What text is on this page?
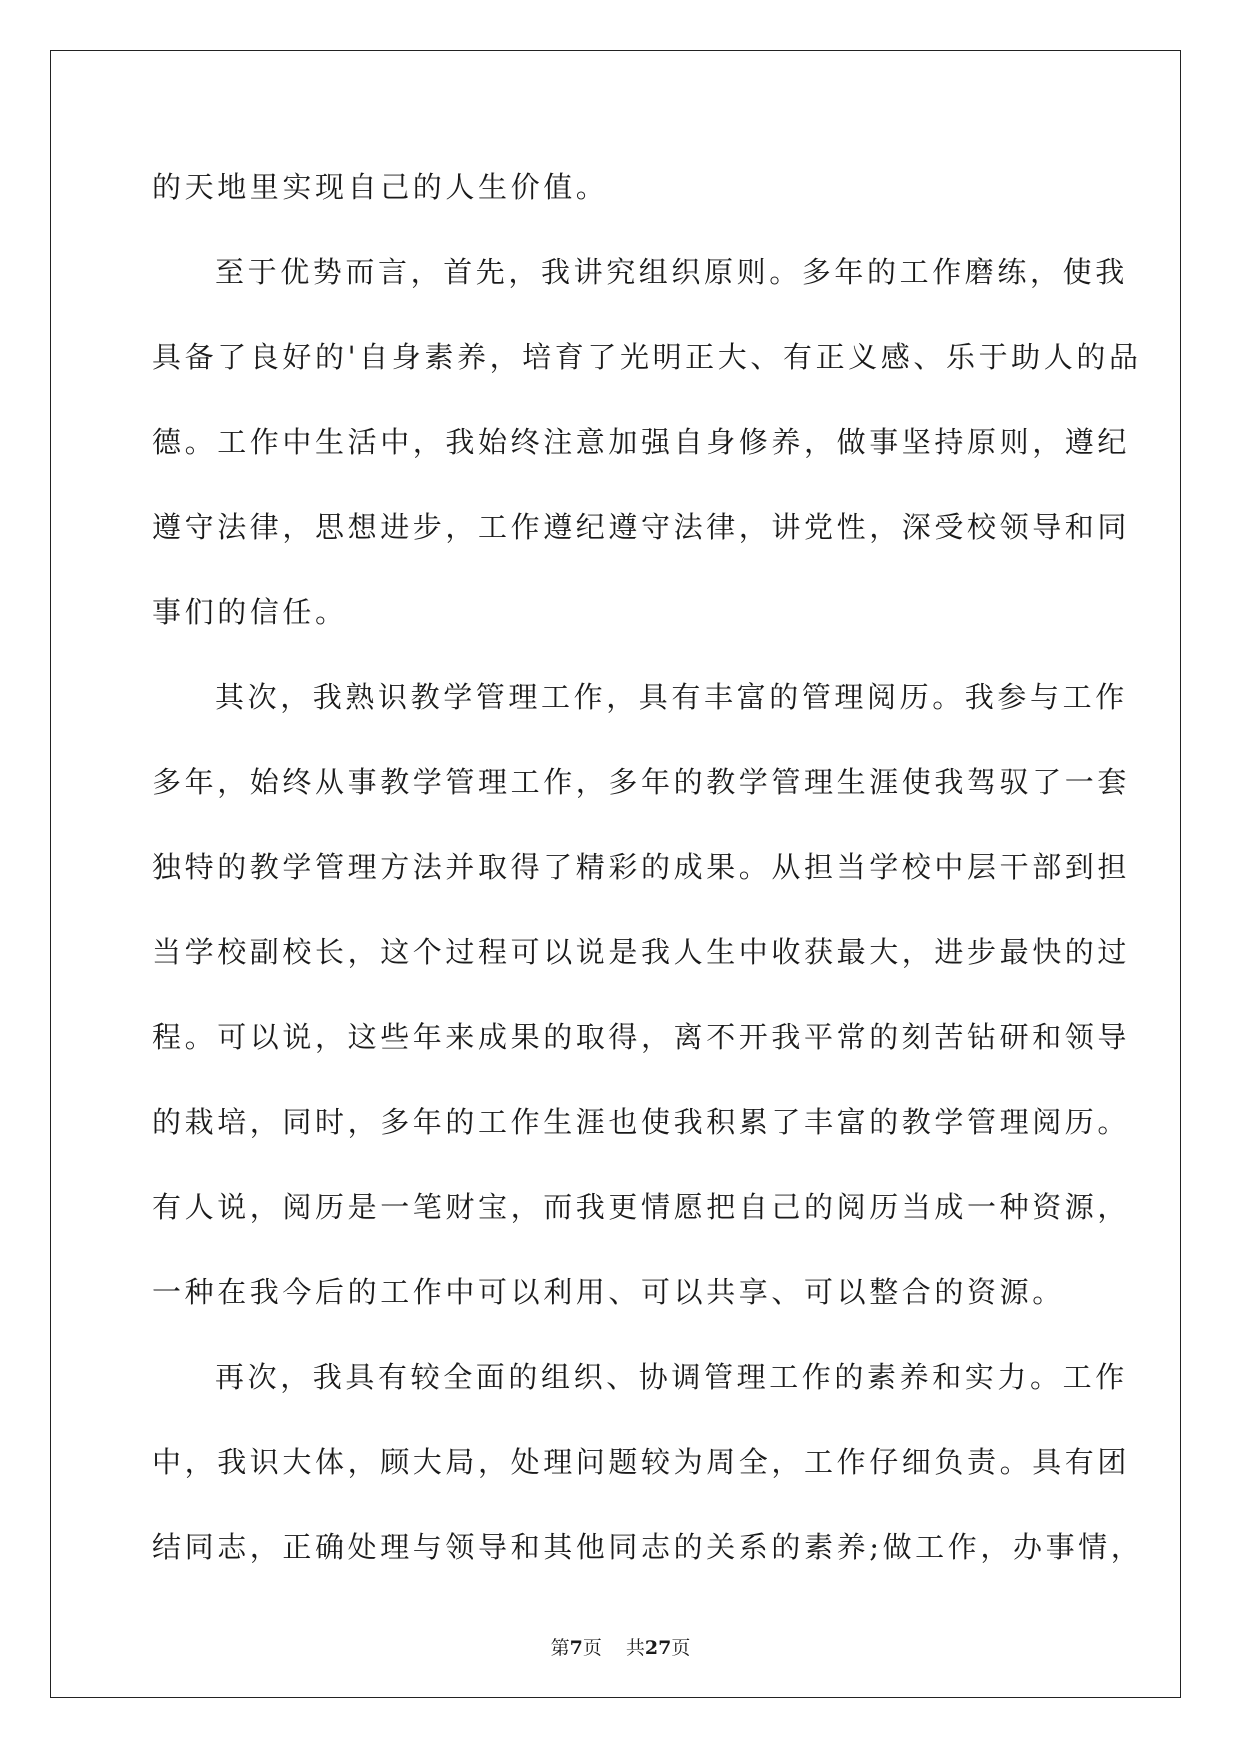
的天地里实现自己的人生价值。
至于优势而言，首先，我讲究组织原则。多年的工作磨练，使我
具备了良好的'自身素养，培育了光明正大、有正义感、乐于助人的品
德。工作中生活中，我始终注意加强自身修养，做事坚持原则，遵纪
遵守法律，思想进步，工作遵纪遵守法律，讲党性，深受校领导和同
事们的信任。
其次，我熟识教学管理工作，具有丰富的管理阅历。我参与工作
多年，始终从事教学管理工作，多年的教学管理生涯使我驾驭了一套
独特的教学管理方法并取得了精彩的成果。从担当学校中层干部到担
当学校副校长，这个过程可以说是我人生中收获最大，进步最快的过
程。可以说，这些年来成果的取得，离不开我平常的刻苦钻研和领导
的栽培，同时，多年的工作生涯也使我积累了丰富的教学管理阅历。
有人说，阅历是一笔财宝，而我更情愿把自己的阅历当成一种资源，
一种在我今后的工作中可以利用、可以共享、可以整合的资源。
再次，我具有较全面的组织、协调管理工作的素养和实力。工作
中，我识大体，顾大局，处理问题较为周全，工作仔细负责。具有团
结同志，正确处理与领导和其他同志的关系的素养;做工作，办事情，
第7页 共27页
